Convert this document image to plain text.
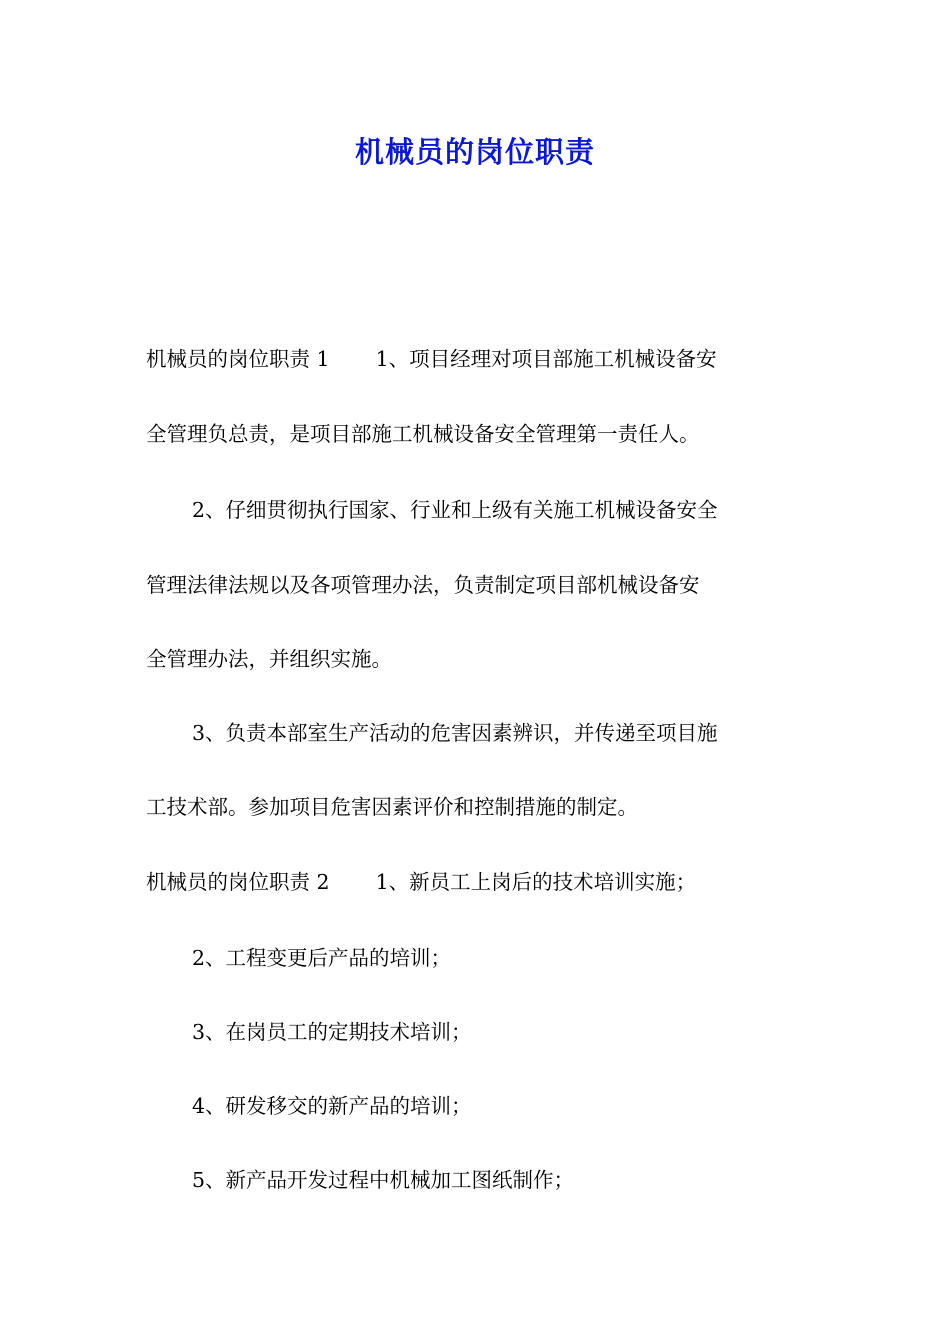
机械员的岗位职责
机械员的岗位职责 1 1、项目经理对项目部施工机械设备安
全管理负总责，是项目部施工机械设备安全管理第一责任人。
2、仔细贯彻执行国家、行业和上级有关施工机械设备安全
管理法律法规以及各项管理办法，负责制定项目部机械设备安
全管理办法，并组织实施。
3、负责本部室生产活动的危害因素辨识，并传递至项目施
工技术部。参加项目危害因素评价和控制措施的制定。
机械员的岗位职责 2 1、新员工上岗后的技术培训实施；
2、工程变更后产品的培训；
3、在岗员工的定期技术培训；
4、研发移交的新产品的培训；
5、新产品开发过程中机械加工图纸制作；
